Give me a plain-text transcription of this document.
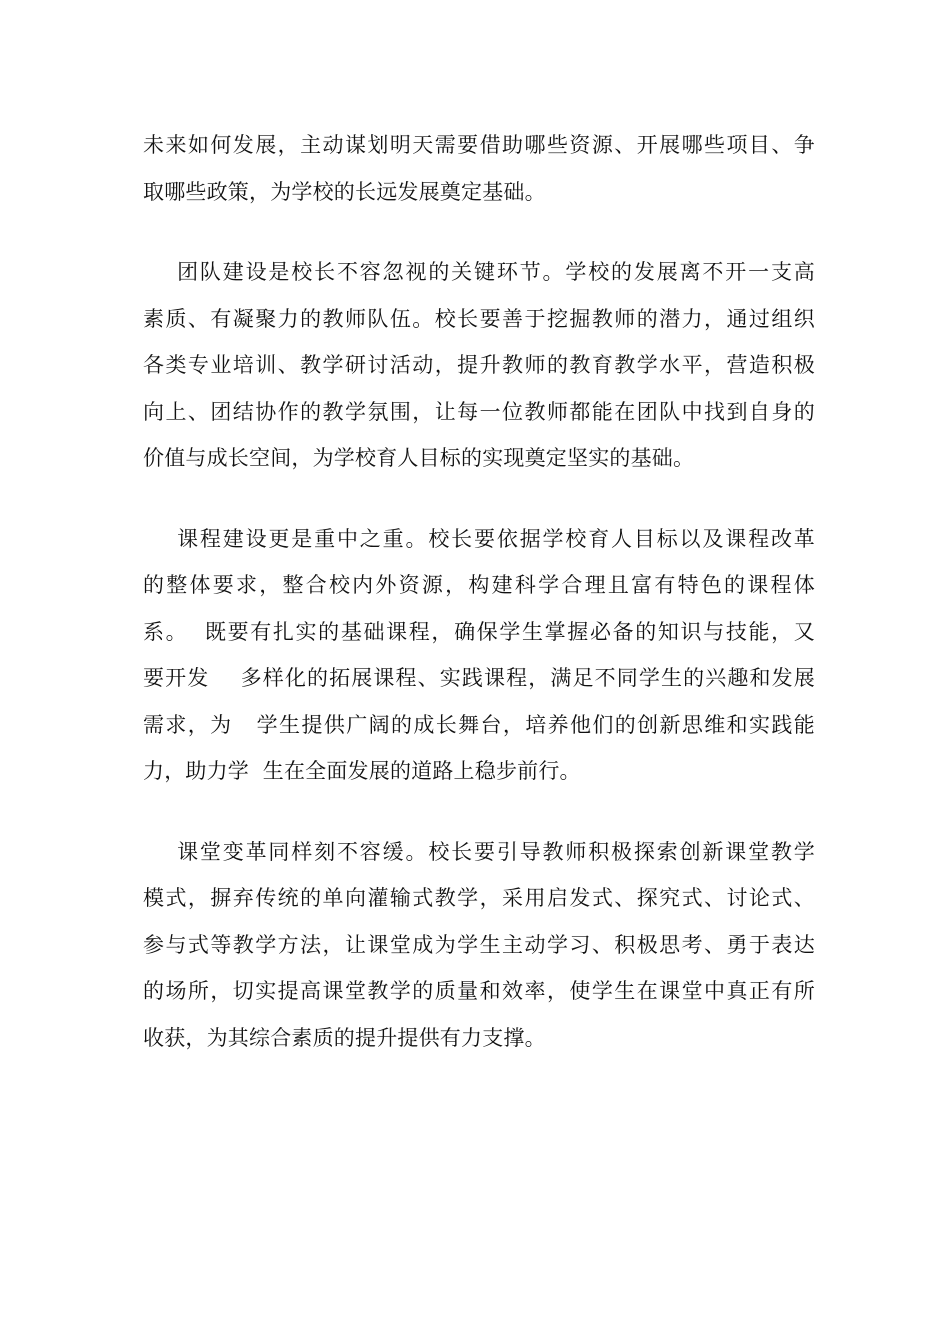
未来如何发展，主动谋划明天需要借助哪些资源、开展哪些项目、争
取哪些政策，为学校的长远发展奠定基础。

团队建设是校长不容忽视的关键环节。学校的发展离不开一支高
素质、有凝聚力的教师队伍。校长要善于挖掘教师的潜力，通过组织
各类专业培训、教学研讨活动，提升教师的教育教学水平，营造积极
向上、团结协作的教学氛围，让每一位教师都能在团队中找到自身的
价值与成长空间，为学校育人目标的实现奠定坚实的基础。

课程建设更是重中之重。校长要依据学校育人目标以及课程改革
的整体要求，整合校内外资源，构建科学合理且富有特色的课程体
系。  既要有扎实的基础课程，确保学生掌握必备的知识与技能，又
要开发    多样化的拓展课程、实践课程，满足不同学生的兴趣和发展
需求，为   学生提供广阔的成长舞台，培养他们的创新思维和实践能
力，助力学  生在全面发展的道路上稳步前行。

课堂变革同样刻不容缓。校长要引导教师积极探索创新课堂教学
模式，摒弃传统的单向灌输式教学，采用启发式、探究式、讨论式、
参与式等教学方法，让课堂成为学生主动学习、积极思考、勇于表达
的场所，切实提高课堂教学的质量和效率，使学生在课堂中真正有所
收获，为其综合素质的提升提供有力支撑。
